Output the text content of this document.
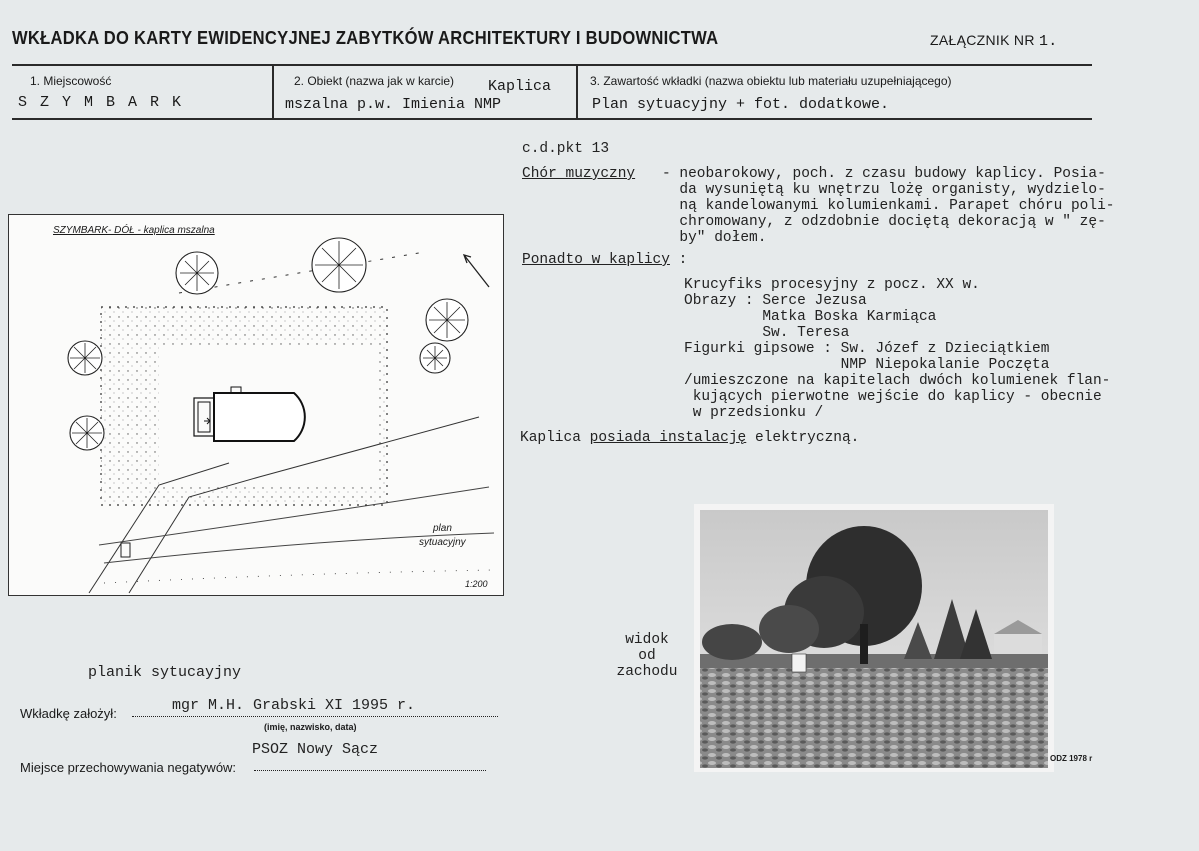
WKŁADKA DO KARTY EWIDENCYJNEJ ZABYTKÓW ARCHITEKTURY I BUDOWNICTWA	ZAŁĄCZNIK NR 1.
1. Miejscowość
S Z Y M B A R K
2. Obiekt (nazwa jak w karcie) Kaplica
mszalna p.w. Imienia NMP
3. Zawartość wkładki (nazwa obiektu lub materiału uzupełniającego)
Plan sytuacyjny + fot. dodatkowe.
c.d.pkt 13
Chór muzyczny - neobarokowy, poch. z czasu budowy kaplicy. Posia-
da wysuniętą ku wnętrzu lożę organisty, wydzielo-
ną kandelowanymi kolumienkami. Parapet chóru poli-
chromowany, z odzdobnie dociętą dekoracją w " zę-
by" dołem.
Ponadto w kaplicy :
Krucyfiks procesyjny z pocz. XX w.
Obrazy : Serce Jezusa
Matka Boska Karmiąca
Sw. Teresa
Figurki gipsowe : Sw. Józef z Dzieciątkiem
NMP Niepokalanie Poczęta
/umieszczone na kapitelach dwóch kolumienek flan-
kujących pierwotne wejście do kaplicy - obecnie
w przedsionku /
Kaplica posiada instalację elektryczną.
SZYMBARK- DÓŁ - kaplica mszalna
plan
sytuacyjny
1:200
planik sytucayjny
widok
od
zachodu
ODZ 1978 r
Wkładkę założył:	mgr M.H. Grabski XI 1995 r.
(imię, nazwisko, data)
PSOZ Nowy Sącz
Miejsce przechowywania negatywów:
